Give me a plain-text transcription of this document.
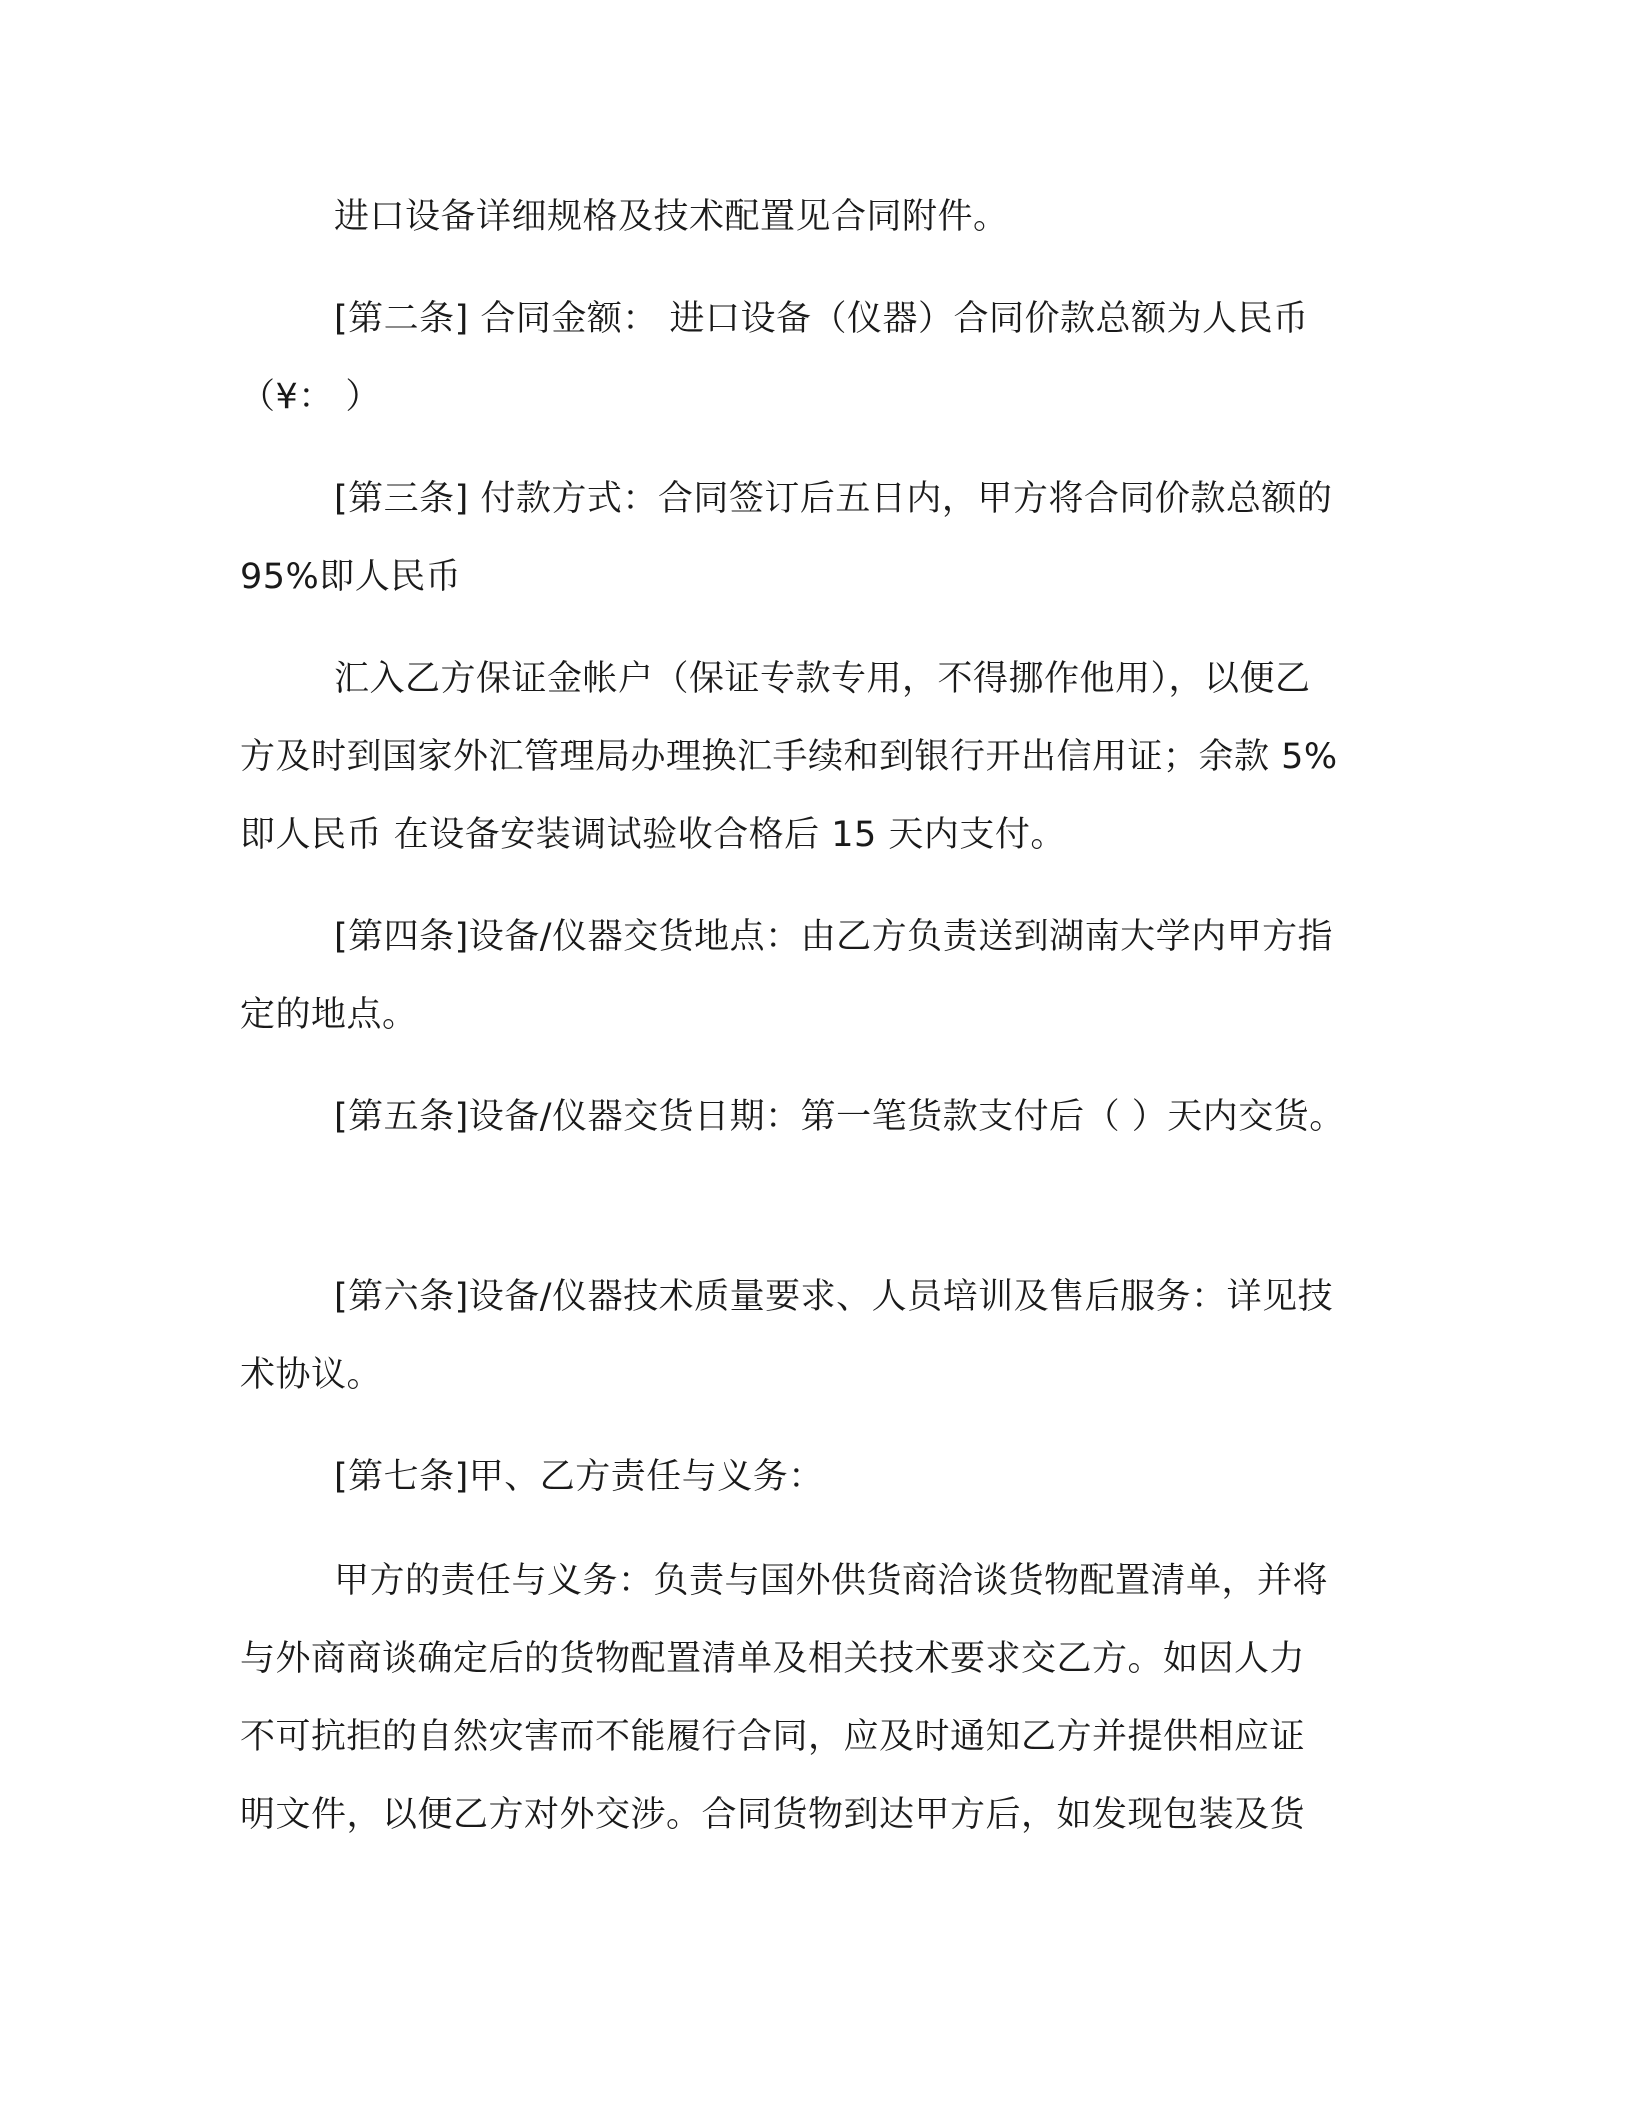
进口设备详细规格及技术配置见合同附件。
[第二条] 合同金额： 进口设备（仪器）合同价款总额为人民币
（¥： ）
[第三条] 付款方式：合同签订后五日内，甲方将合同价款总额的
95%即人民币
汇入乙方保证金帐户（保证专款专用，不得挪作他用），以便乙
方及时到国家外汇管理局办理换汇手续和到银行开出信用证；余款 5%
即人民币 在设备安装调试验收合格后 15 天内支付。
[第四条]设备/仪器交货地点：由乙方负责送到湖南大学内甲方指
定的地点。
[第五条]设备/仪器交货日期：第一笔货款支付后（ ）天内交货。
[第六条]设备/仪器技术质量要求、人员培训及售后服务：详见技
术协议。
[第七条]甲、乙方责任与义务：
甲方的责任与义务：负责与国外供货商洽谈货物配置清单，并将
与外商商谈确定后的货物配置清单及相关技术要求交乙方。如因人力
不可抗拒的自然灾害而不能履行合同，应及时通知乙方并提供相应证
明文件，以便乙方对外交涉。合同货物到达甲方后，如发现包装及货
